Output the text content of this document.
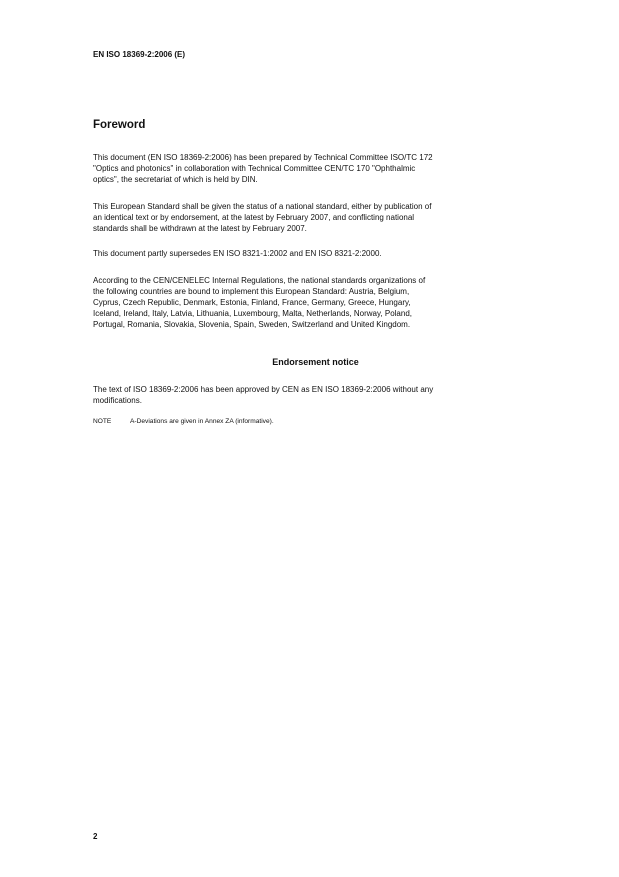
EN ISO 18369-2:2006 (E)
Foreword
This document (EN ISO 18369-2:2006) has been prepared by Technical Committee ISO/TC 172
"Optics and photonics" in collaboration with Technical Committee CEN/TC 170 "Ophthalmic
optics", the secretariat of which is held by DIN.
This European Standard shall be given the status of a national standard, either by publication of
an identical text or by endorsement, at the latest by February 2007, and conflicting national
standards shall be withdrawn at the latest by February 2007.
This document partly supersedes EN ISO 8321-1:2002 and EN ISO 8321-2:2000.
According to the CEN/CENELEC Internal Regulations, the national standards organizations of
the following countries are bound to implement this European Standard: Austria, Belgium,
Cyprus, Czech Republic, Denmark, Estonia, Finland, France, Germany, Greece, Hungary,
Iceland, Ireland, Italy, Latvia, Lithuania, Luxembourg, Malta, Netherlands, Norway, Poland,
Portugal, Romania, Slovakia, Slovenia, Spain, Sweden, Switzerland and United Kingdom.
Endorsement notice
The text of ISO 18369-2:2006 has been approved by CEN as EN ISO 18369-2:2006 without any
modifications.
NOTE	A-Deviations are given in Annex ZA (informative).
2
